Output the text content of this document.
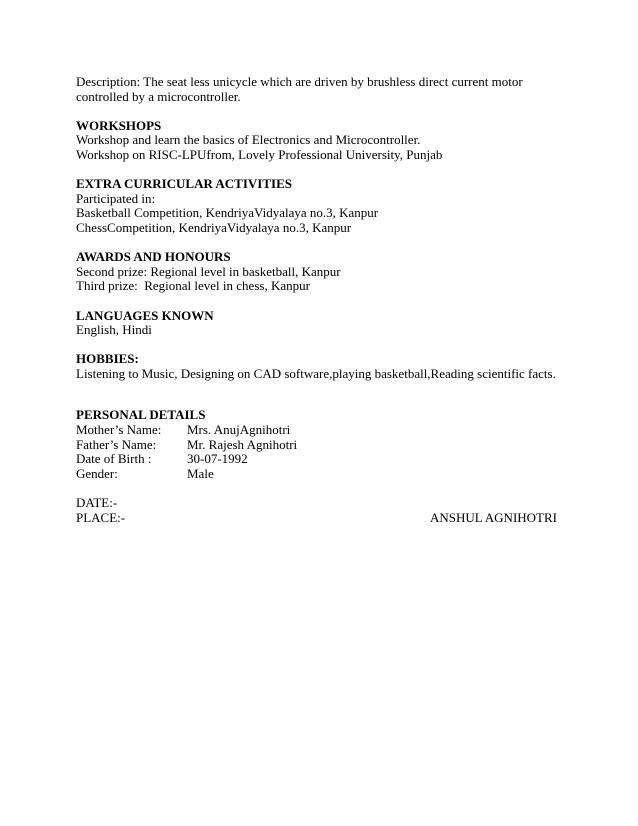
Description: The seat less unicycle which are driven by brushless direct current motor controlled by a microcontroller.
WORKSHOPS
Workshop and learn the basics of Electronics and Microcontroller.
Workshop on RISC-LPUfrom, Lovely Professional University, Punjab
EXTRA CURRICULAR ACTIVITIES
Participated in:
Basketball Competition, KendriyaVidyalaya no.3, Kanpur
ChessCompetition, KendriyaVidyalaya no.3, Kanpur
AWARDS AND HONOURS
Second prize: Regional level in basketball, Kanpur
Third prize:  Regional level in chess, Kanpur
LANGUAGES KNOWN
English, Hindi
HOBBIES:
Listening to Music, Designing on CAD software,playing basketball,Reading scientific facts.
PERSONAL DETAILS
Mother’s Name:	Mrs. AnujAgnihotri
Father’s Name:	Mr. Rajesh Agnihotri
Date of Birth :	30-07-1992
Gender:	Male
DATE:-
PLACE:-	ANSHUL AGNIHOTRI
